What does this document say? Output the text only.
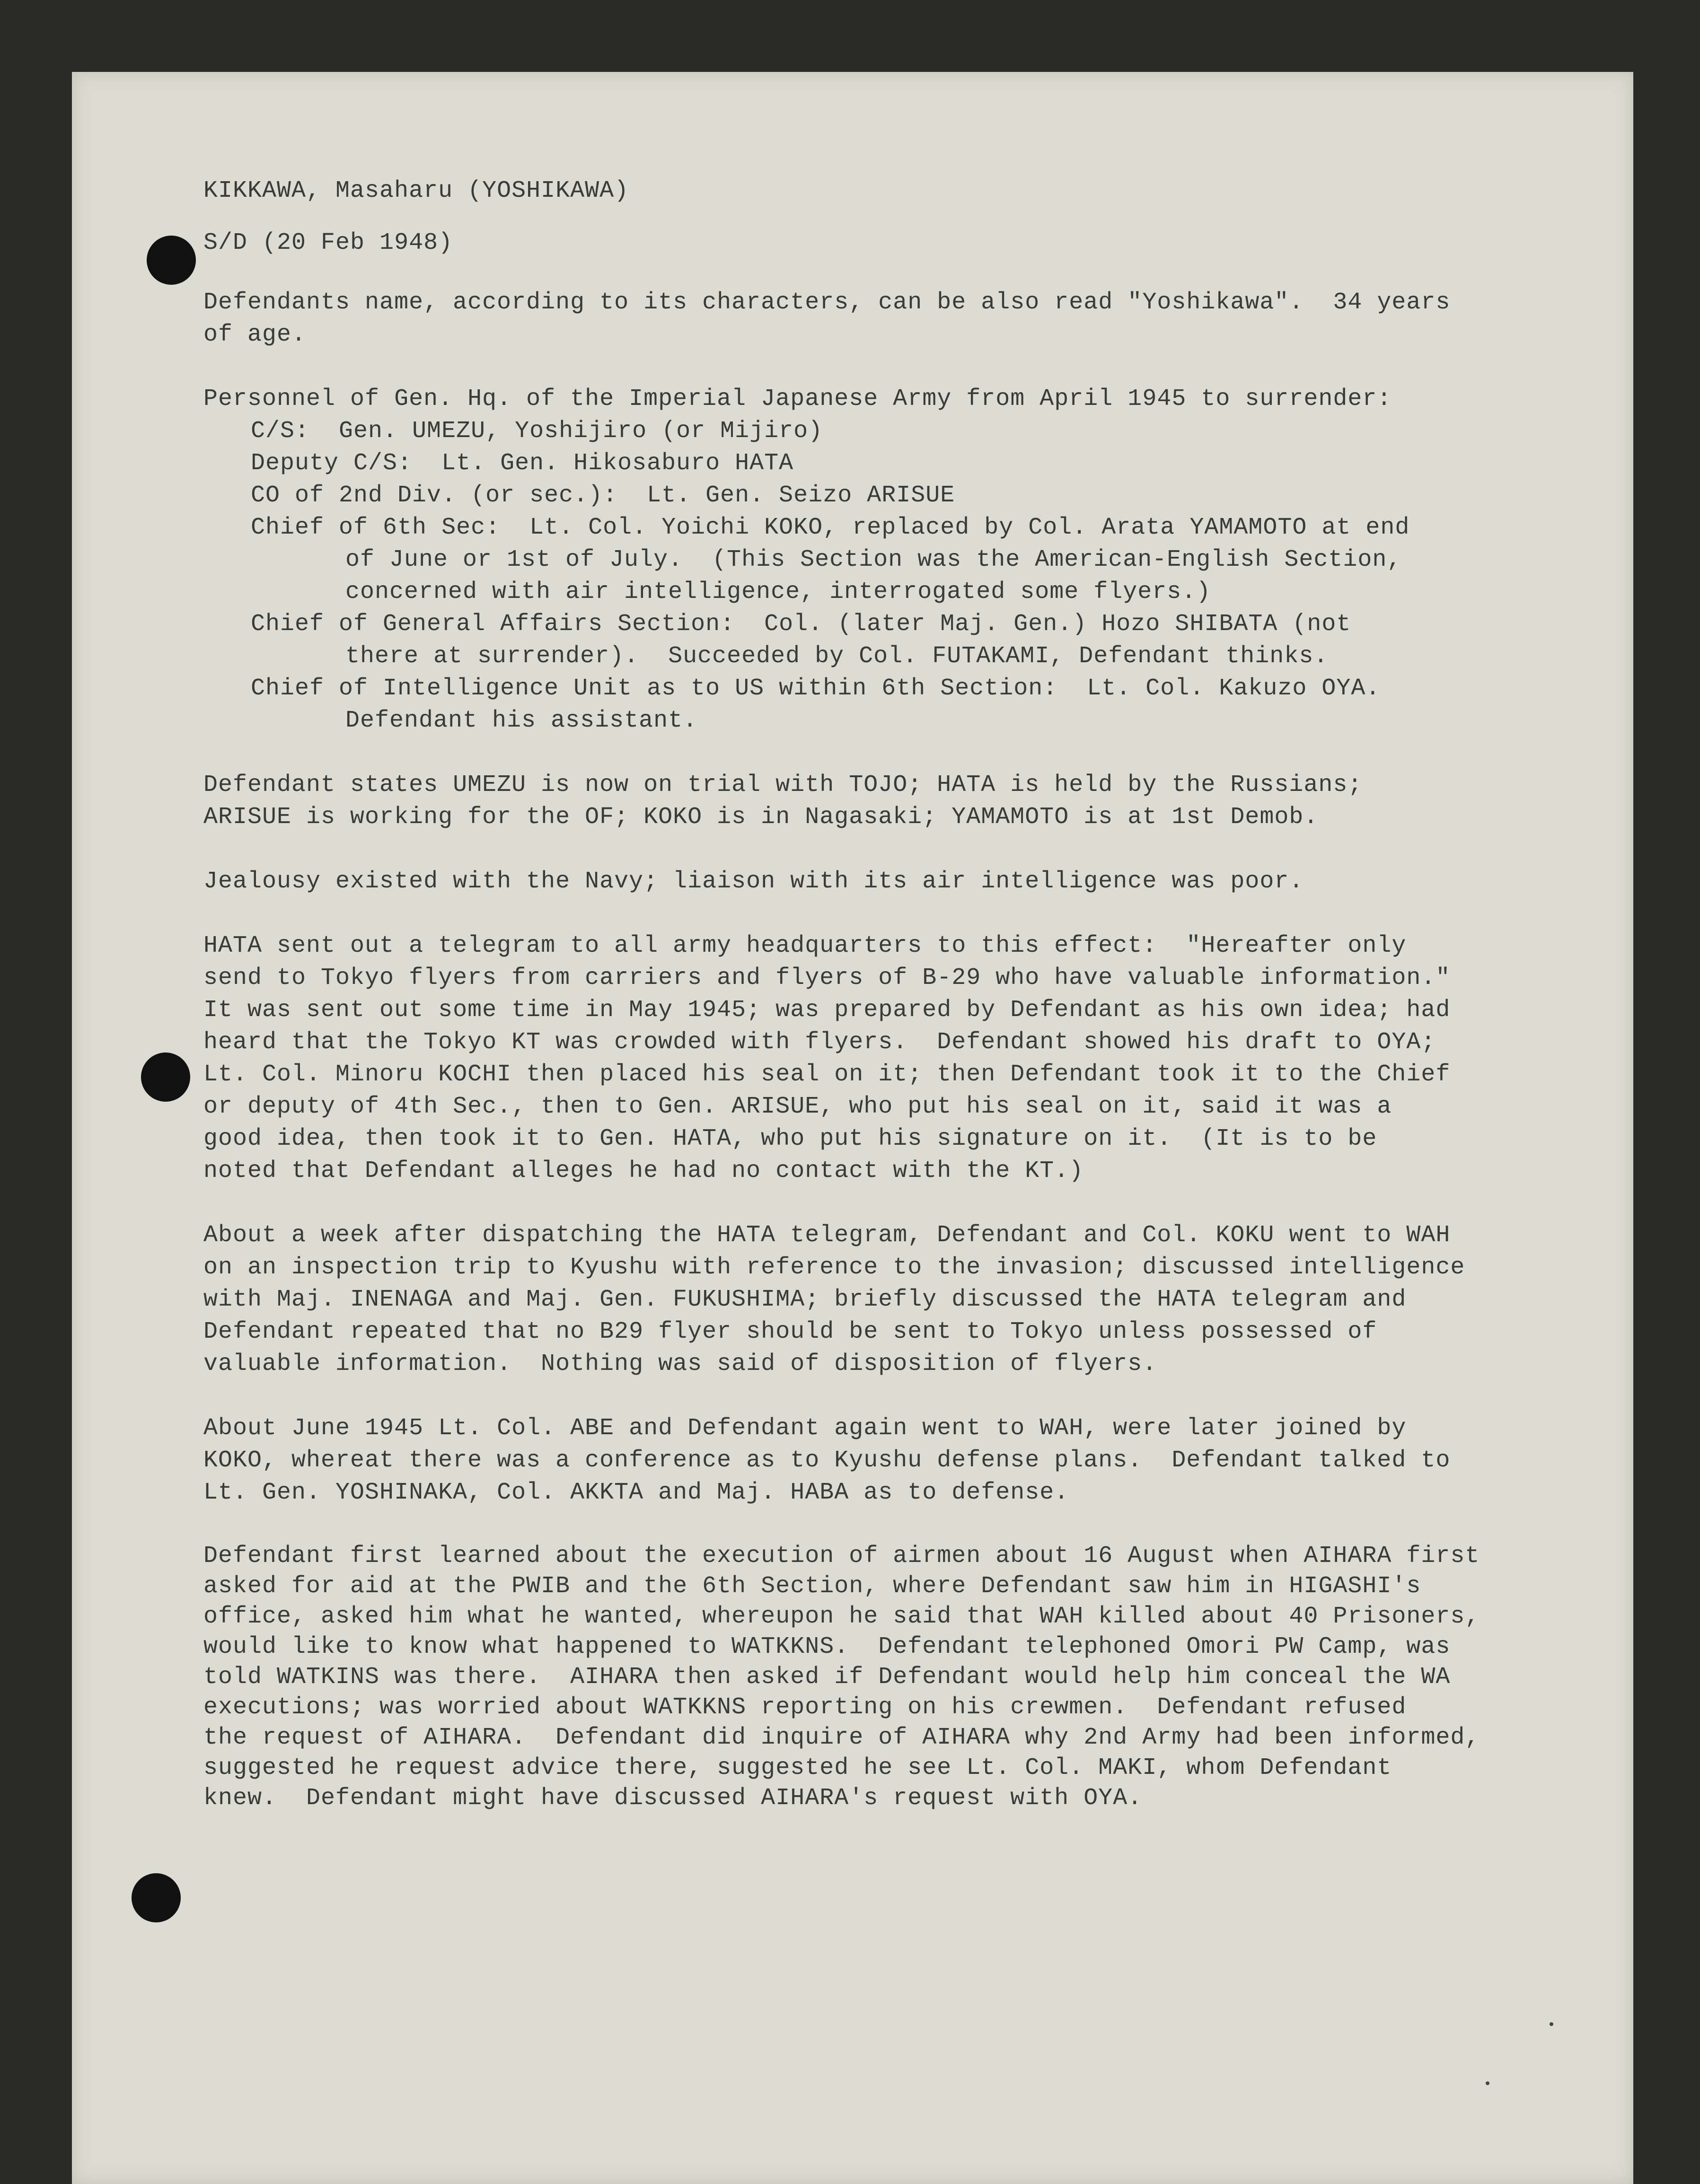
KIKKAWA, Masaharu (YOSHIKAWA)
S/D (20 Feb 1948)
Defendants name, according to its characters, can be also read "Yoshikawa".  34 years
of age.
Personnel of Gen. Hq. of the Imperial Japanese Army from April 1945 to surrender:
C/S:  Gen. UMEZU, Yoshijiro (or Mijiro)
Deputy C/S:  Lt. Gen. Hikosaburo HATA
CO of 2nd Div. (or sec.):  Lt. Gen. Seizo ARISUE
Chief of 6th Sec:  Lt. Col. Yoichi KOKO, replaced by Col. Arata YAMAMOTO at end
of June or 1st of July.  (This Section was the American-English Section,
concerned with air intelligence, interrogated some flyers.)
Chief of General Affairs Section:  Col. (later Maj. Gen.) Hozo SHIBATA (not
there at surrender).  Succeeded by Col. FUTAKAMI, Defendant thinks.
Chief of Intelligence Unit as to US within 6th Section:  Lt. Col. Kakuzo OYA.
Defendant his assistant.
Defendant states UMEZU is now on trial with TOJO; HATA is held by the Russians;
ARISUE is working for the OF; KOKO is in Nagasaki; YAMAMOTO is at 1st Demob.
Jealousy existed with the Navy; liaison with its air intelligence was poor.
HATA sent out a telegram to all army headquarters to this effect:  "Hereafter only
send to Tokyo flyers from carriers and flyers of B-29 who have valuable information."
It was sent out some time in May 1945; was prepared by Defendant as his own idea; had
heard that the Tokyo KT was crowded with flyers.  Defendant showed his draft to OYA;
Lt. Col. Minoru KOCHI then placed his seal on it; then Defendant took it to the Chief
or deputy of 4th Sec., then to Gen. ARISUE, who put his seal on it, said it was a
good idea, then took it to Gen. HATA, who put his signature on it.  (It is to be
noted that Defendant alleges he had no contact with the KT.)
About a week after dispatching the HATA telegram, Defendant and Col. KOKU went to WAH
on an inspection trip to Kyushu with reference to the invasion; discussed intelligence
with Maj. INENAGA and Maj. Gen. FUKUSHIMA; briefly discussed the HATA telegram and
Defendant repeated that no B29 flyer should be sent to Tokyo unless possessed of
valuable information.  Nothing was said of disposition of flyers.
About June 1945 Lt. Col. ABE and Defendant again went to WAH, were later joined by
KOKO, whereat there was a conference as to Kyushu defense plans.  Defendant talked to
Lt. Gen. YOSHINAKA, Col. AKKTA and Maj. HABA as to defense.
Defendant first learned about the execution of airmen about 16 August when AIHARA first
asked for aid at the PWIB and the 6th Section, where Defendant saw him in HIGASHI's
office, asked him what he wanted, whereupon he said that WAH killed about 40 Prisoners,
would like to know what happened to WATKKNS.  Defendant telephoned Omori PW Camp, was
told WATKINS was there.  AIHARA then asked if Defendant would help him conceal the WA
executions; was worried about WATKKNS reporting on his crewmen.  Defendant refused
the request of AIHARA.  Defendant did inquire of AIHARA why 2nd Army had been informed,
suggested he request advice there, suggested he see Lt. Col. MAKI, whom Defendant
knew.  Defendant might have discussed AIHARA's request with OYA.
